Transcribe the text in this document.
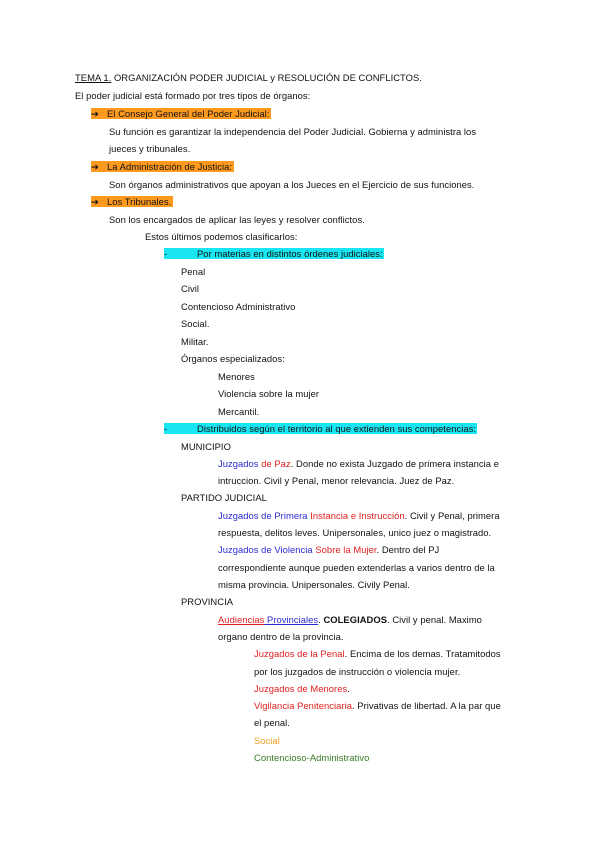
TEMA 1. ORGANIZACIÓN PODER JUDICIAL y RESOLUCIÓN DE CONFLICTOS.
El poder judicial está formado por tres tipos de órganos:
➔ El Consejo General del Poder Judicial:
Su función es garantizar la independencia del Poder Judicial. Gobierna y administra los
jueces y tribunales.
➔ La Administración de Justicia:
Son órganos administrativos que apoyan a los Jueces en el Ejercicio de sus funciones.
➔ Los Tribunales.
Son los encargados de aplicar las leyes y resolver conflictos.
Estos últimos podemos clasificarlos:
-	Por materias en distintos órdenes judiciales:
Penal
Civil
Contencioso Administrativo
Social.
Militar.
Órganos especializados:
Menores
Violencia sobre la mujer
Mercantil.
-	Distribuidos según el territorio al que extienden sus competencias:
MUNICIPIO
Juzgados de Paz. Donde no exista Juzgado de primera instancia e
intruccion. Civil y Penal, menor relevancia. Juez de Paz.
PARTIDO JUDICIAL
Juzgados de Primera Instancia e Instrucción. Civil y Penal, primera
respuesta, delitos leves. Unipersonales, unico juez o magistrado.
Juzgados de Violencia Sobre la Mujer. Dentro del PJ
correspondiente aunque pueden extenderlas a varios dentro de la
misma provincia. Unipersonales. Civily Penal.
PROVINCIA
Audiencias Provinciales. COLEGIADOS. Civil y penal. Maximo
organo dentro de la provincia.
Juzgados de la Penal. Encima de los demas. Tratamitodos
por los juzgados de instrucción o violencia mujer.
Juzgados de Menores.
Vigilancia Penitenciaria. Privativas de libertad. A la par que
el penal.
Social
Contencioso-Administrativo
